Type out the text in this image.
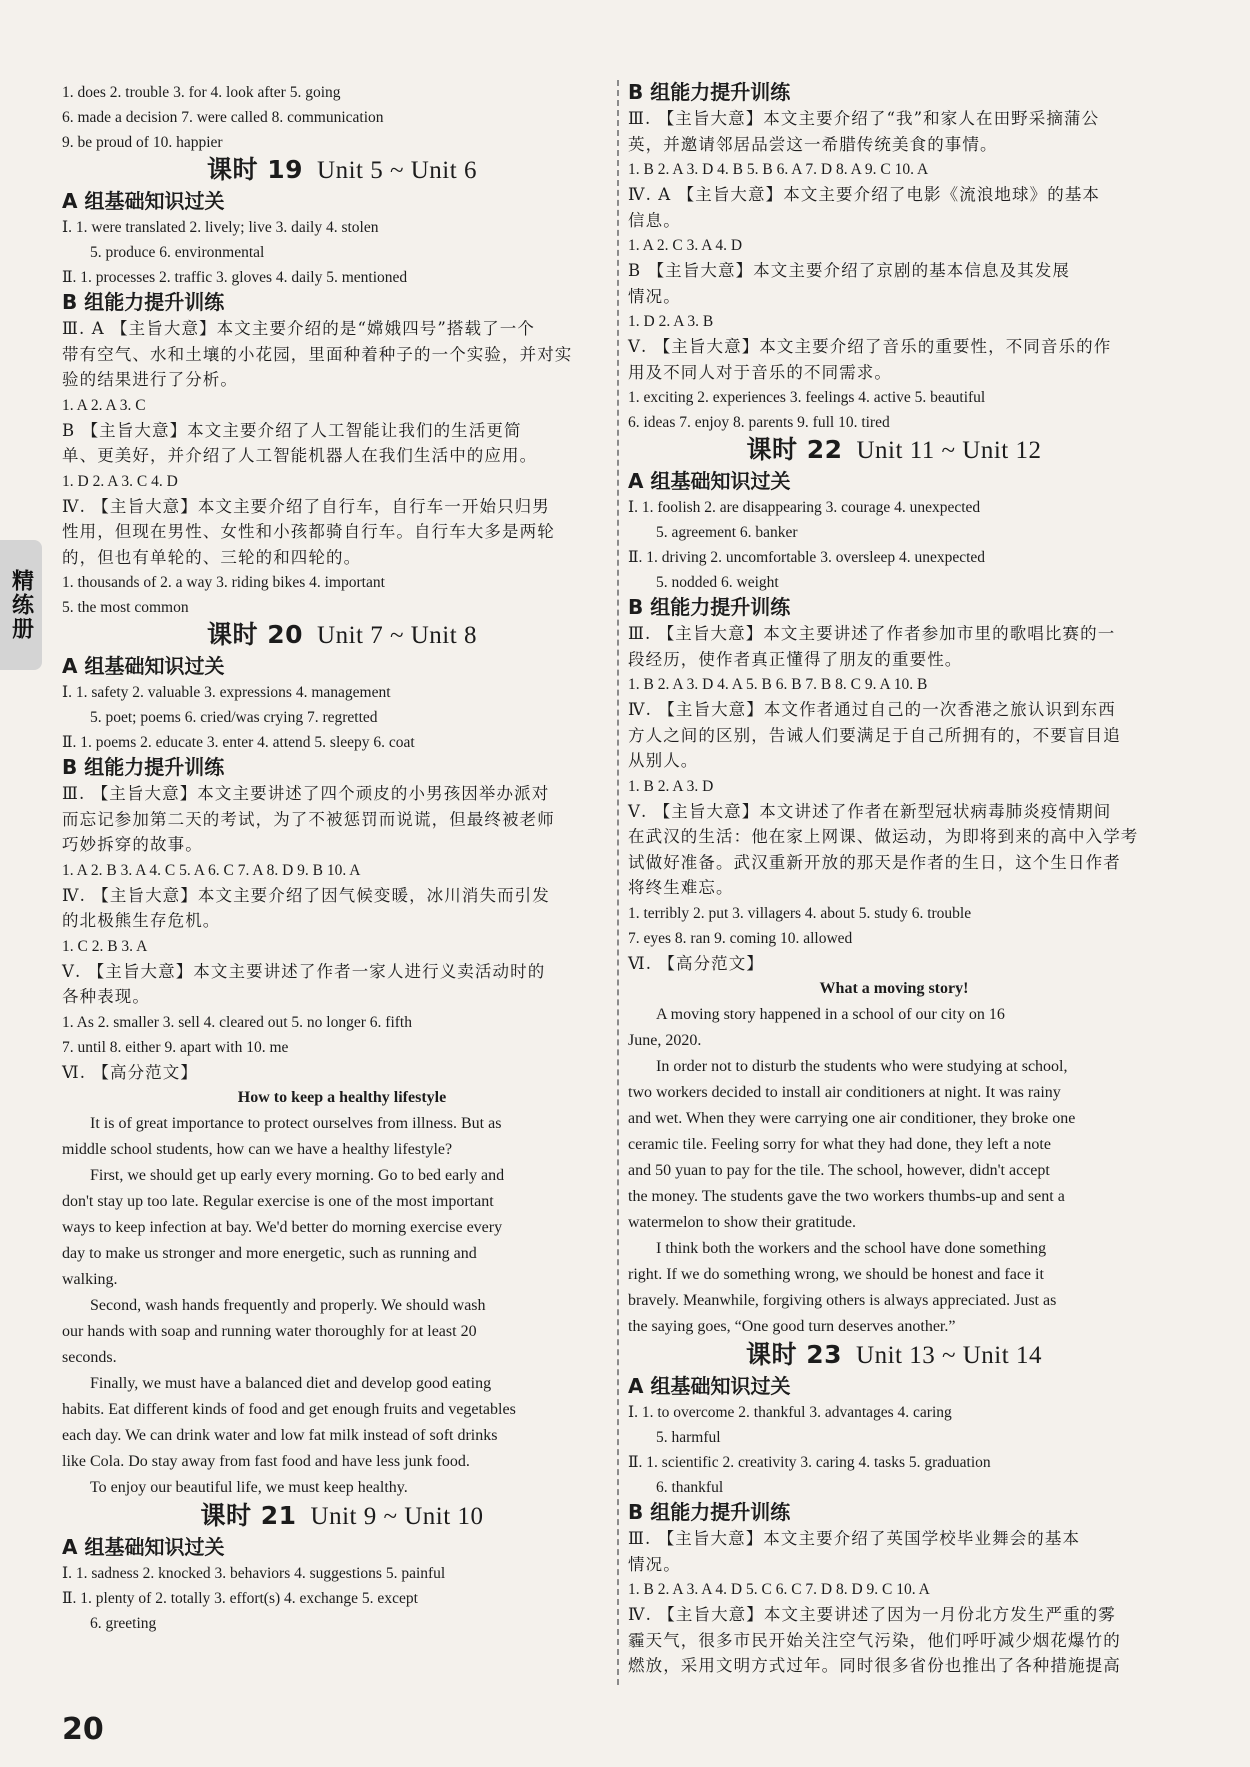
1. does 2. trouble 3. for 4. look after 5. going
6. made a decision 7. were called 8. communication
9. be proud of 10. happier
课时 19 Unit 5 ~ Unit 6
A 组基础知识过关
Ⅰ. 1. were translated 2. lively; live 3. daily 4. stolen
5. produce 6. environmental
Ⅱ. 1. processes 2. traffic 3. gloves 4. daily 5. mentioned
B 组能力提升训练
Ⅲ. A 【主旨大意】本文主要介绍的是“嫦娥四号”搭载了一个
带有空气、水和土壤的小花园，里面种着种子的一个实验，并对实
验的结果进行了分析。
1. A 2. A 3. C
B 【主旨大意】本文主要介绍了人工智能让我们的生活更简
单、更美好，并介绍了人工智能机器人在我们生活中的应用。
1. D 2. A 3. C 4. D
Ⅳ. 【主旨大意】本文主要介绍了自行车，自行车一开始只归男
性用，但现在男性、女性和小孩都骑自行车。自行车大多是两轮
的，但也有单轮的、三轮的和四轮的。
1. thousands of 2. a way 3. riding bikes 4. important
5. the most common
课时 20 Unit 7 ~ Unit 8
A 组基础知识过关
Ⅰ. 1. safety 2. valuable 3. expressions 4. management
5. poet; poems 6. cried/was crying 7. regretted
Ⅱ. 1. poems 2. educate 3. enter 4. attend 5. sleepy 6. coat
B 组能力提升训练
Ⅲ. 【主旨大意】本文主要讲述了四个顽皮的小男孩因举办派对
而忘记参加第二天的考试，为了不被惩罚而说谎，但最终被老师
巧妙拆穿的故事。
1. A 2. B 3. A 4. C 5. A 6. C 7. A 8. D 9. B 10. A
Ⅳ. 【主旨大意】本文主要介绍了因气候变暖，冰川消失而引发
的北极熊生存危机。
1. C 2. B 3. A
Ⅴ. 【主旨大意】本文主要讲述了作者一家人进行义卖活动时的
各种表现。
1. As 2. smaller 3. sell 4. cleared out 5. no longer 6. fifth
7. until 8. either 9. apart with 10. me
Ⅵ. 【高分范文】
How to keep a healthy lifestyle
It is of great importance to protect ourselves from illness. But as
middle school students, how can we have a healthy lifestyle?
First, we should get up early every morning. Go to bed early and
don't stay up too late. Regular exercise is one of the most important
ways to keep infection at bay. We'd better do morning exercise every
day to make us stronger and more energetic, such as running and
walking.
Second, wash hands frequently and properly. We should wash
our hands with soap and running water thoroughly for at least 20
seconds.
Finally, we must have a balanced diet and develop good eating
habits. Eat different kinds of food and get enough fruits and vegetables
each day. We can drink water and low fat milk instead of soft drinks
like Cola. Do stay away from fast food and have less junk food.
To enjoy our beautiful life, we must keep healthy.
课时 21 Unit 9 ~ Unit 10
A 组基础知识过关
Ⅰ. 1. sadness 2. knocked 3. behaviors 4. suggestions 5. painful
Ⅱ. 1. plenty of 2. totally 3. effort(s) 4. exchange 5. except
6. greeting
B 组能力提升训练
Ⅲ. 【主旨大意】本文主要介绍了“我”和家人在田野采摘蒲公
英，并邀请邻居品尝这一希腊传统美食的事情。
1. B 2. A 3. D 4. B 5. B 6. A 7. D 8. A 9. C 10. A
Ⅳ. A 【主旨大意】本文主要介绍了电影《流浪地球》的基本
信息。
1. A 2. C 3. A 4. D
B 【主旨大意】本文主要介绍了京剧的基本信息及其发展
情况。
1. D 2. A 3. B
Ⅴ. 【主旨大意】本文主要介绍了音乐的重要性，不同音乐的作
用及不同人对于音乐的不同需求。
1. exciting 2. experiences 3. feelings 4. active 5. beautiful
6. ideas 7. enjoy 8. parents 9. full 10. tired
课时 22 Unit 11 ~ Unit 12
A 组基础知识过关
Ⅰ. 1. foolish 2. are disappearing 3. courage 4. unexpected
5. agreement 6. banker
Ⅱ. 1. driving 2. uncomfortable 3. oversleep 4. unexpected
5. nodded 6. weight
B 组能力提升训练
Ⅲ. 【主旨大意】本文主要讲述了作者参加市里的歌唱比赛的一
段经历，使作者真正懂得了朋友的重要性。
1. B 2. A 3. D 4. A 5. B 6. B 7. B 8. C 9. A 10. B
Ⅳ. 【主旨大意】本文作者通过自己的一次香港之旅认识到东西
方人之间的区别，告诫人们要满足于自己所拥有的，不要盲目追
从别人。
1. B 2. A 3. D
Ⅴ. 【主旨大意】本文讲述了作者在新型冠状病毒肺炎疫情期间
在武汉的生活：他在家上网课、做运动，为即将到来的高中入学考
试做好准备。武汉重新开放的那天是作者的生日，这个生日作者
将终生难忘。
1. terribly 2. put 3. villagers 4. about 5. study 6. trouble
7. eyes 8. ran 9. coming 10. allowed
Ⅵ. 【高分范文】
What a moving story!
A moving story happened in a school of our city on 16
June, 2020.
In order not to disturb the students who were studying at school,
two workers decided to install air conditioners at night. It was rainy
and wet. When they were carrying one air conditioner, they broke one
ceramic tile. Feeling sorry for what they had done, they left a note
and 50 yuan to pay for the tile. The school, however, didn't accept
the money. The students gave the two workers thumbs-up and sent a
watermelon to show their gratitude.
I think both the workers and the school have done something
right. If we do something wrong, we should be honest and face it
bravely. Meanwhile, forgiving others is always appreciated. Just as
the saying goes, “One good turn deserves another.”
课时 23 Unit 13 ~ Unit 14
A 组基础知识过关
Ⅰ. 1. to overcome 2. thankful 3. advantages 4. caring
5. harmful
Ⅱ. 1. scientific 2. creativity 3. caring 4. tasks 5. graduation
6. thankful
B 组能力提升训练
Ⅲ. 【主旨大意】本文主要介绍了英国学校毕业舞会的基本
情况。
1. B 2. A 3. A 4. D 5. C 6. C 7. D 8. D 9. C 10. A
Ⅳ. 【主旨大意】本文主要讲述了因为一月份北方发生严重的雾
霾天气，很多市民开始关注空气污染，他们呼吁减少烟花爆竹的
燃放，采用文明方式过年。同时很多省份也推出了各种措施提高
精练册
20
